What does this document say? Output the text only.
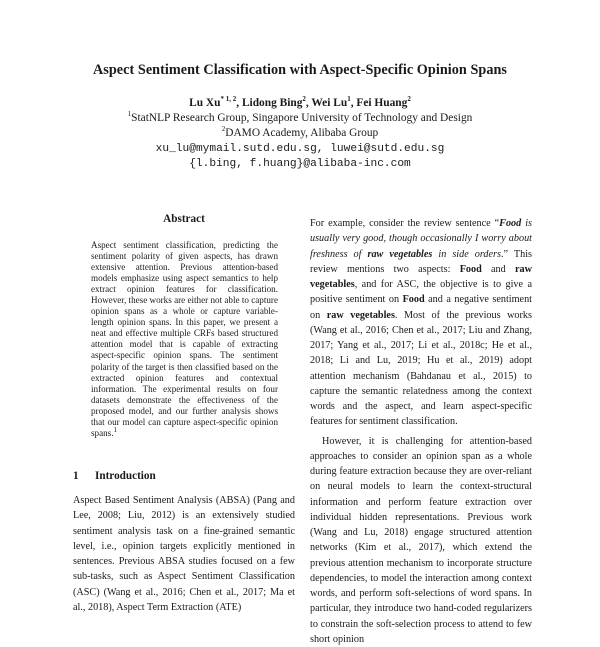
Aspect Sentiment Classification with Aspect-Specific Opinion Spans
Lu Xu$^{* 1, 2}$, Lidong Bing$^2$, Wei Lu$^1$, Fei Huang$^2$
$^1$StatNLP Research Group, Singapore University of Technology and Design
$^2$DAMO Academy, Alibaba Group
xu_lu@mymail.sutd.edu.sg, luwei@sutd.edu.sg
{l.bing, f.huang}@alibaba-inc.com
Abstract
Aspect sentiment classification, predicting the sentiment polarity of given aspects, has drawn extensive attention. Previous attention-based models emphasize using aspect semantics to help extract opinion features for classification. However, these works are either not able to capture opinion spans as a whole or capture variable-length opinion spans. In this paper, we present a neat and effective multiple CRFs based structured attention model that is capable of extracting aspect-specific opinion spans. The sentiment polarity of the target is then classified based on the extracted opinion features and contextual information. The experimental results on four datasets demonstrate the effectiveness of the proposed model, and our further analysis shows that our model can capture aspect-specific opinion spans.$^1$
1 Introduction
Aspect Based Sentiment Analysis (ABSA) (Pang and Lee, 2008; Liu, 2012) is an extensively studied sentiment analysis task on a fine-grained semantic level, i.e., opinion targets explicitly mentioned in sentences. Previous ABSA studies focused on a few sub-tasks, such as Aspect Sentiment Classification (ASC) (Wang et al., 2016; Chen et al., 2017; Ma et al., 2018), Aspect Term Extraction (ATE)

For example, consider the review sentence “Food is usually very good, though occasionally I worry about freshness of raw vegetables in side orders.” This review mentions two aspects: Food and raw vegetables, and for ASC, the objective is to give a positive sentiment on Food and a negative sentiment on raw vegetables. Most of the previous works (Wang et al., 2016; Chen et al., 2017; Liu and Zhang, 2017; Yang et al., 2017; Li et al., 2018c; He et al., 2018; Li and Lu, 2019; Hu et al., 2019) adopt attention mechanism (Bahdanau et al., 2015) to capture the semantic relatedness among the context words and the aspect, and learn aspect-specific features for sentiment classification.

However, it is challenging for attention-based approaches to consider an opinion span as a whole during feature extraction because they are over-reliant on neural models to learn the context-structural information and perform feature extraction over individual hidden representations. Previous work (Wang and Lu, 2018) engage structured attention networks (Kim et al., 2017), which extend the previous attention mechanism to incorporate structure dependencies, to model the interaction among context words, and perform soft-selections of word spans. In particular, they introduce two hand-coded regularizers to constrain the soft-selection process to attend to few short opinion
